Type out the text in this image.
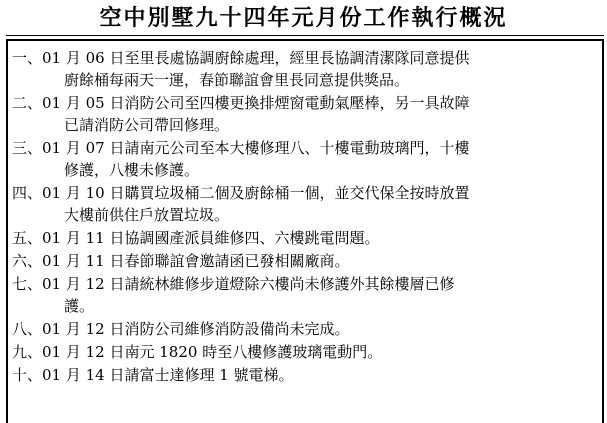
空中別墅九十四年元月份工作執行概況
一、01 月 06 日至里長處協調廚餘處理，經里長協調清潔隊同意提供
廚餘桶每兩天一運，春節聯誼會里長同意提供獎品。
二、01 月 05 日消防公司至四樓更換排煙窗電動氣壓棒，另一具故障
已請消防公司帶回修理。
三、01 月 07 日請南元公司至本大樓修理八、十樓電動玻璃門，十樓
修護，八樓未修護。
四、01 月 10 日購買垃圾桶二個及廚餘桶一個，並交代保全按時放置
大樓前供住戶放置垃圾。
五、01 月 11 日協調國產派員維修四、六樓跳電問題。
六、01 月 11 日春節聯誼會邀請函已發相關廠商。
七、01 月 12 日請統林維修步道燈除六樓尚未修護外其餘樓層已修
護。
八、01 月 12 日消防公司維修消防設備尚未完成。
九、01 月 12 日南元 1820 時至八樓修護玻璃電動門。
十、01 月 14 日請富士達修理 1 號電梯。
